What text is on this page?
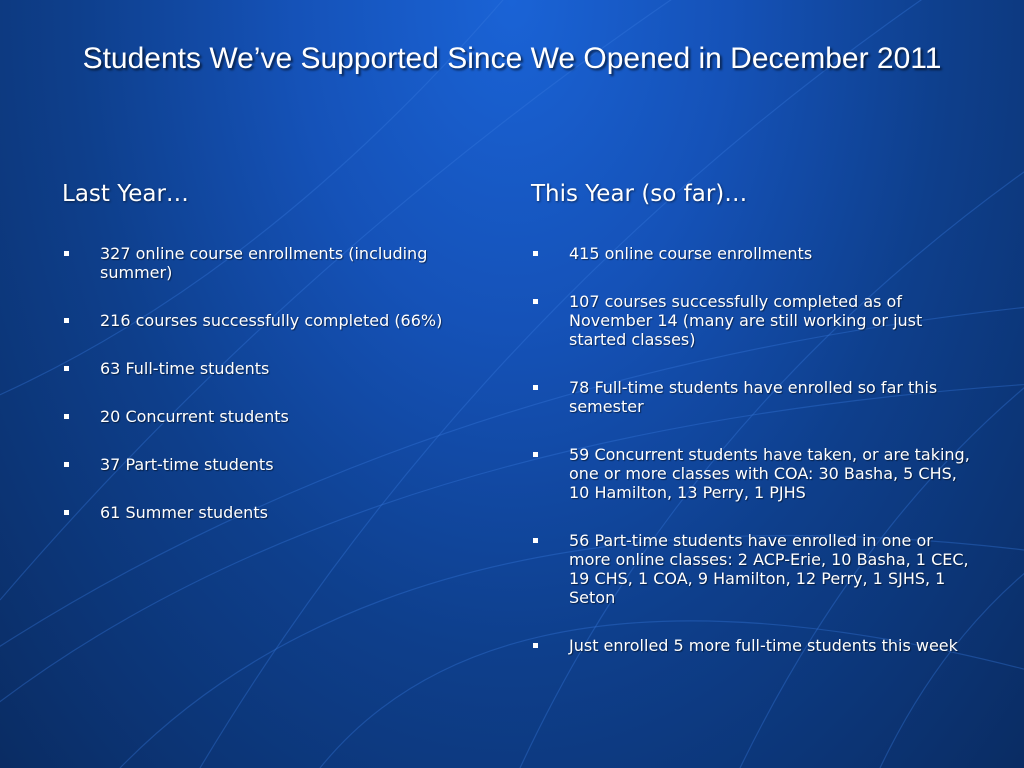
Students We’ve Supported Since We Opened in December 2011
Last Year…
327 online course enrollments (including summer)
216 courses successfully completed (66%)
63 Full-time students
20 Concurrent students
37 Part-time students
61 Summer students
This Year (so far)…
415 online course enrollments
107 courses successfully completed as of November 14 (many are still working or just started classes)
78 Full-time students have enrolled so far this semester
59 Concurrent students have taken, or are taking, one or more classes with COA: 30 Basha, 5 CHS, 10 Hamilton, 13 Perry, 1 PJHS
56 Part-time students have enrolled in one or more online classes: 2 ACP-Erie, 10 Basha, 1 CEC, 19 CHS, 1 COA, 9 Hamilton, 12 Perry, 1 SJHS, 1 Seton
Just enrolled 5 more full-time students this week
